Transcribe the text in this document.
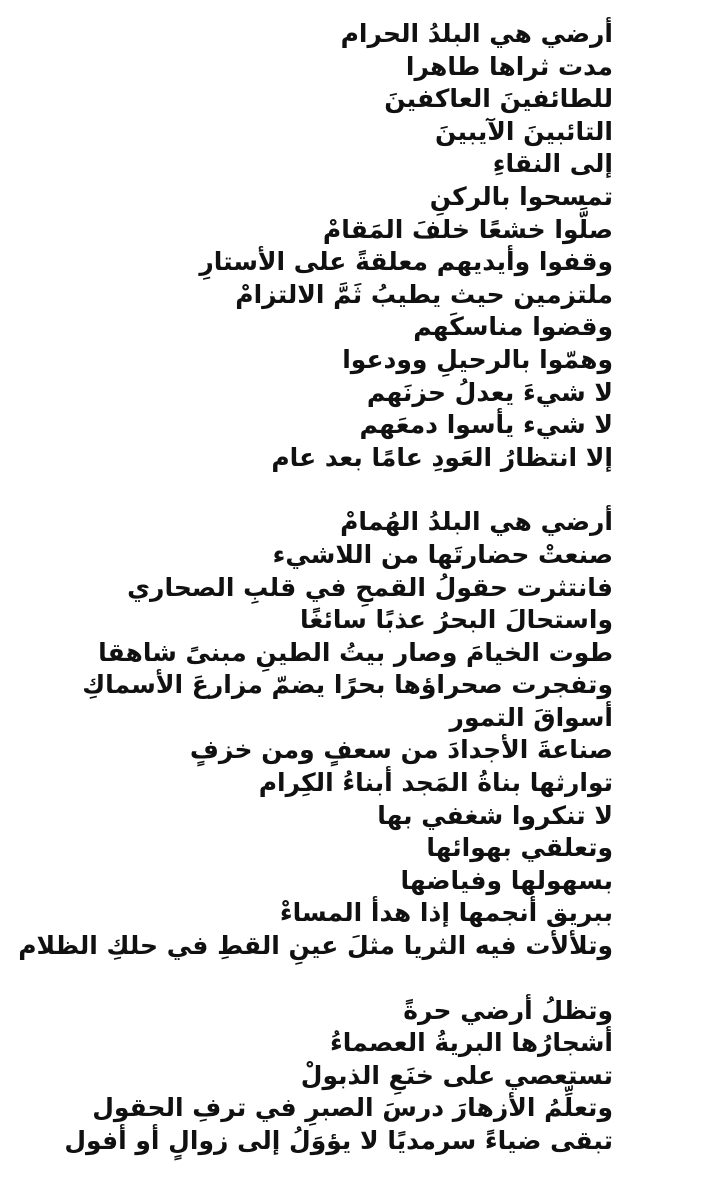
أرضي هي البلدُ الحرام
مدت ثراها طاهرا
للطائفينَ العاكفينَ
التائبينَ الآيبينَ
إلى النقاءِ
تمسحوا بالركنِ
صلَّوا خشعًا خلفَ المَقامْ
وقفوا وأيديهم معلقةً على الأستارِ
ملتزمين حيث يطيبُ ثَمَّ الالتزامْ
وقضوا مناسكَهم
وهمّوا بالرحيلِ وودعوا
لا شيءَ يعدلُ حزنَهم
لا شيء يأسوا دمعَهم
إلا انتظارُ العَودِ عامًا بعد عام
أرضي هي البلدُ الهُمامْ
صنعتْ حضارتَها من اللاشيء
فانتثرت حقولُ القمحِ في قلبِ الصحاري
واستحالَ البحرُ عذبًا سائغًا
طوت الخيامَ وصار بيتُ الطينِ مبنىً شاهقا
وتفجرت صحراؤها بحرًا يضمّ مزارعَ الأسماكِ
أسواقَ التمور
صناعةَ الأجدادَ من سعفٍ ومن خزفٍ
توارثها بناةُ المَجد أبناءُ الكِرام
لا تنكروا شغفي بها
وتعلقي بهوائها
بسهولها وفياضها
ببريق أنجمها إذا هدأ المساءْ
وتلألأت فيه الثريا مثلَ عينِ القطِ في حلكِ الظلام
وتظلُ أرضي حرةً
أشجارُها البريةُ العصماءُ
تستعصي على خنَعِ الذبولْ
وتعلِّمُ الأزهارَ درسَ الصبرِ في ترفِ الحقول
تبقى ضياءً سرمديًا لا يؤوَلُ إلى زوالٍ أو أفول
